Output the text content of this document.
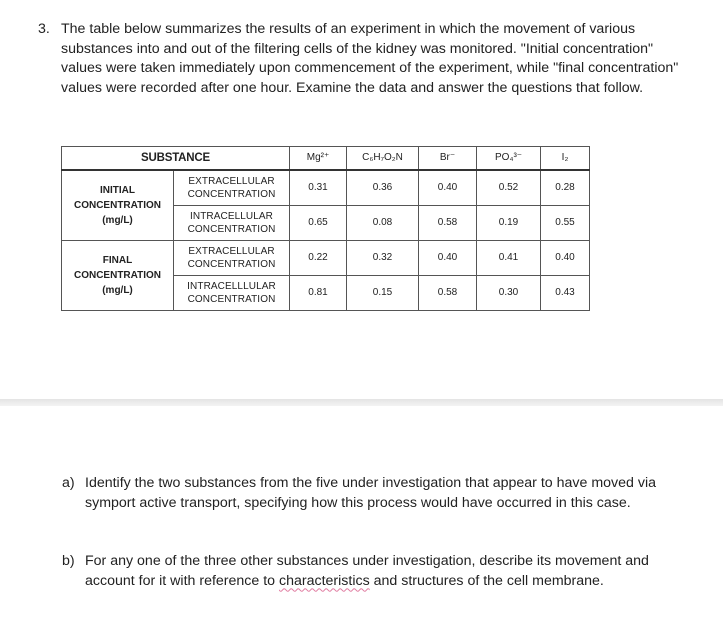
3. The table below summarizes the results of an experiment in which the movement of various substances into and out of the filtering cells of the kidney was monitored. "Initial concentration" values were taken immediately upon commencement of the experiment, while "final concentration" values were recorded after one hour. Examine the data and answer the questions that follow.
SUBSTANCE		Mg²⁺	C₆H₇O₂N	Br⁻	PO₄³⁻	I₂
INITIAL CONCENTRATION (mg/L)	EXTRACELLULAR CONCENTRATION	0.31	0.36	0.40	0.52	0.28
	INTRACELLULAR CONCENTRATION	0.65	0.08	0.58	0.19	0.55
FINAL CONCENTRATION (mg/L)	EXTRACELLULAR CONCENTRATION	0.22	0.32	0.40	0.41	0.40
	INTRACELLLULAR CONCENTRATION	0.81	0.15	0.58	0.30	0.43
a) Identify the two substances from the five under investigation that appear to have moved via symport active transport, specifying how this process would have occurred in this case.
b) For any one of the three other substances under investigation, describe its movement and account for it with reference to characteristics and structures of the cell membrane.
